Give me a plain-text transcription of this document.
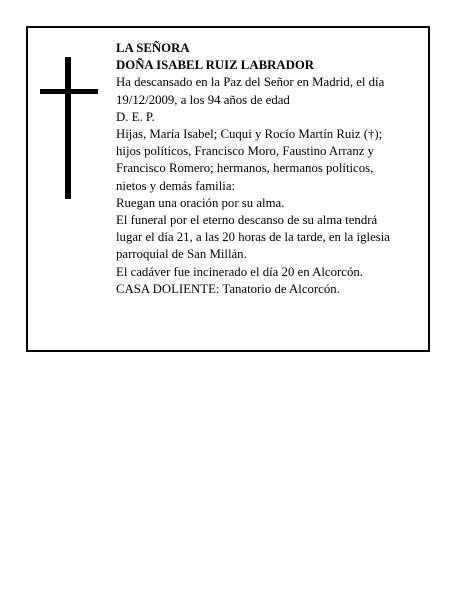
LA SEÑORA

DOÑA ISABEL RUIZ LABRADOR

Ha descansado en la Paz del Señor en Madrid, el día

19/12/2009, a los 94 años de edad

D. E. P.

Hijas, María Isabel; Cuqui y Rocío Martín Ruiz (†);

hijos políticos, Francisco Moro, Faustino Arranz y

Francisco Romero; hermanos, hermanos políticos,

nietos y demás familia:

Ruegan una oración por su alma.

El funeral por el eterno descanso de su alma tendrá

lugar el día 21, a las 20 horas de la tarde, en la iglesia

parroquial de San Millán.

El cadáver fue incinerado el día 20 en Alcorcón.

CASA DOLIENTE: Tanatorio de Alcorcón.
